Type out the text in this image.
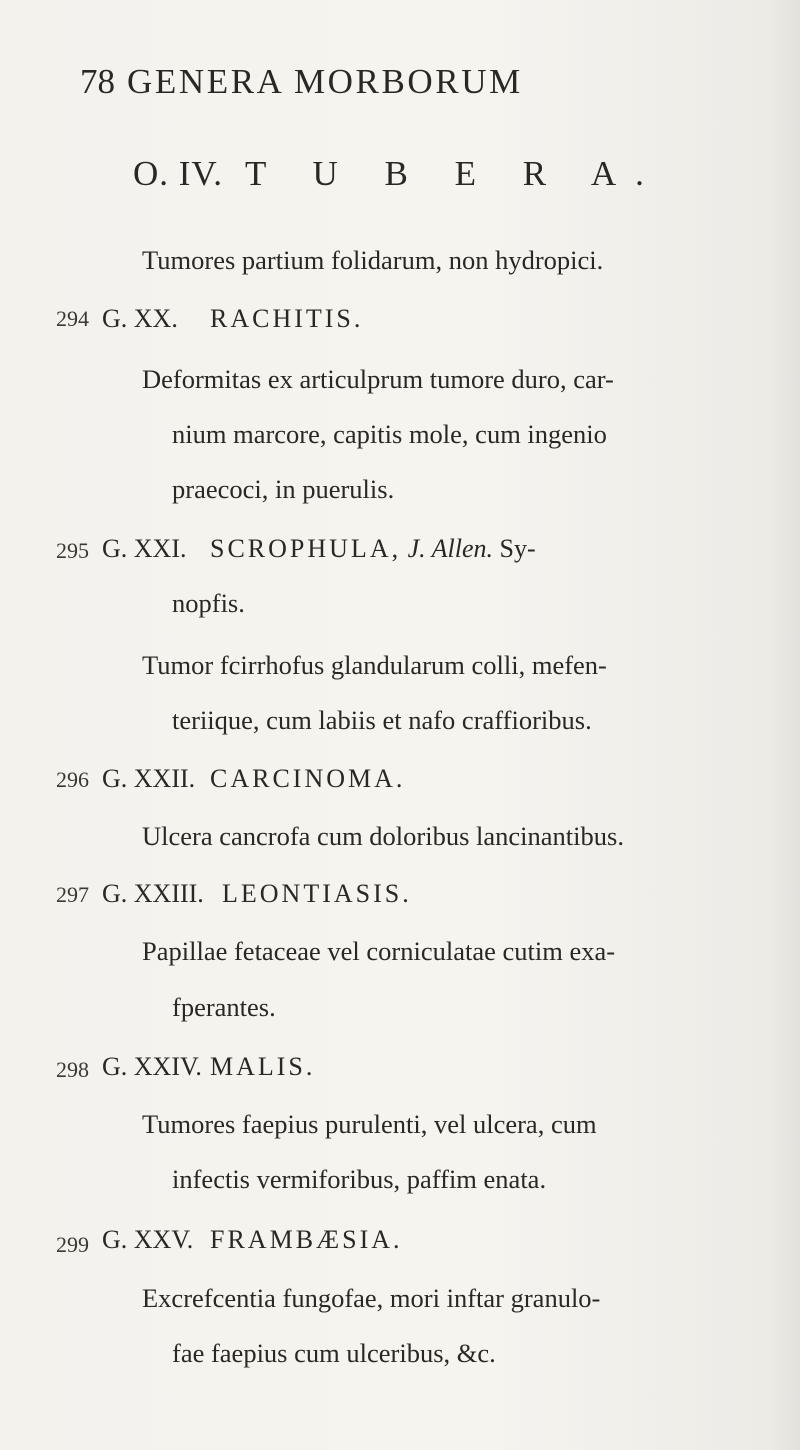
78 GENERA MORBORUM
O. IV. T U B E R A.
Tumores partium folidarum, non hydropici.
294 G. XX. RACHITIS.
Deformitas ex articulprum tumore duro, car-
nium marcore, capitis mole, cum ingenio
praecoci, in puerulis.
295 G. XXI. SCROPHULA, J. Allen. Sy-
nopfis.
Tumor fcirrhofus glandularum colli, mefen-
teriique, cum labiis et nafo craffioribus.
296 G. XXII. CARCINOMA.
Ulcera cancrofa cum doloribus lancinantibus.
297 G. XXIII. LEONTIASIS.
Papillae fetaceae vel corniculatae cutim exa-
fperantes.
298 G. XXIV. MALIS.
Tumores faepius purulenti, vel ulcera, cum
infectis vermiforibus, paffim enata.
299 G. XXV. FRAMBÆSIA.
Excrefcentia fungofae, mori inftar granulo-
fae faepius cum ulceribus, &c.
